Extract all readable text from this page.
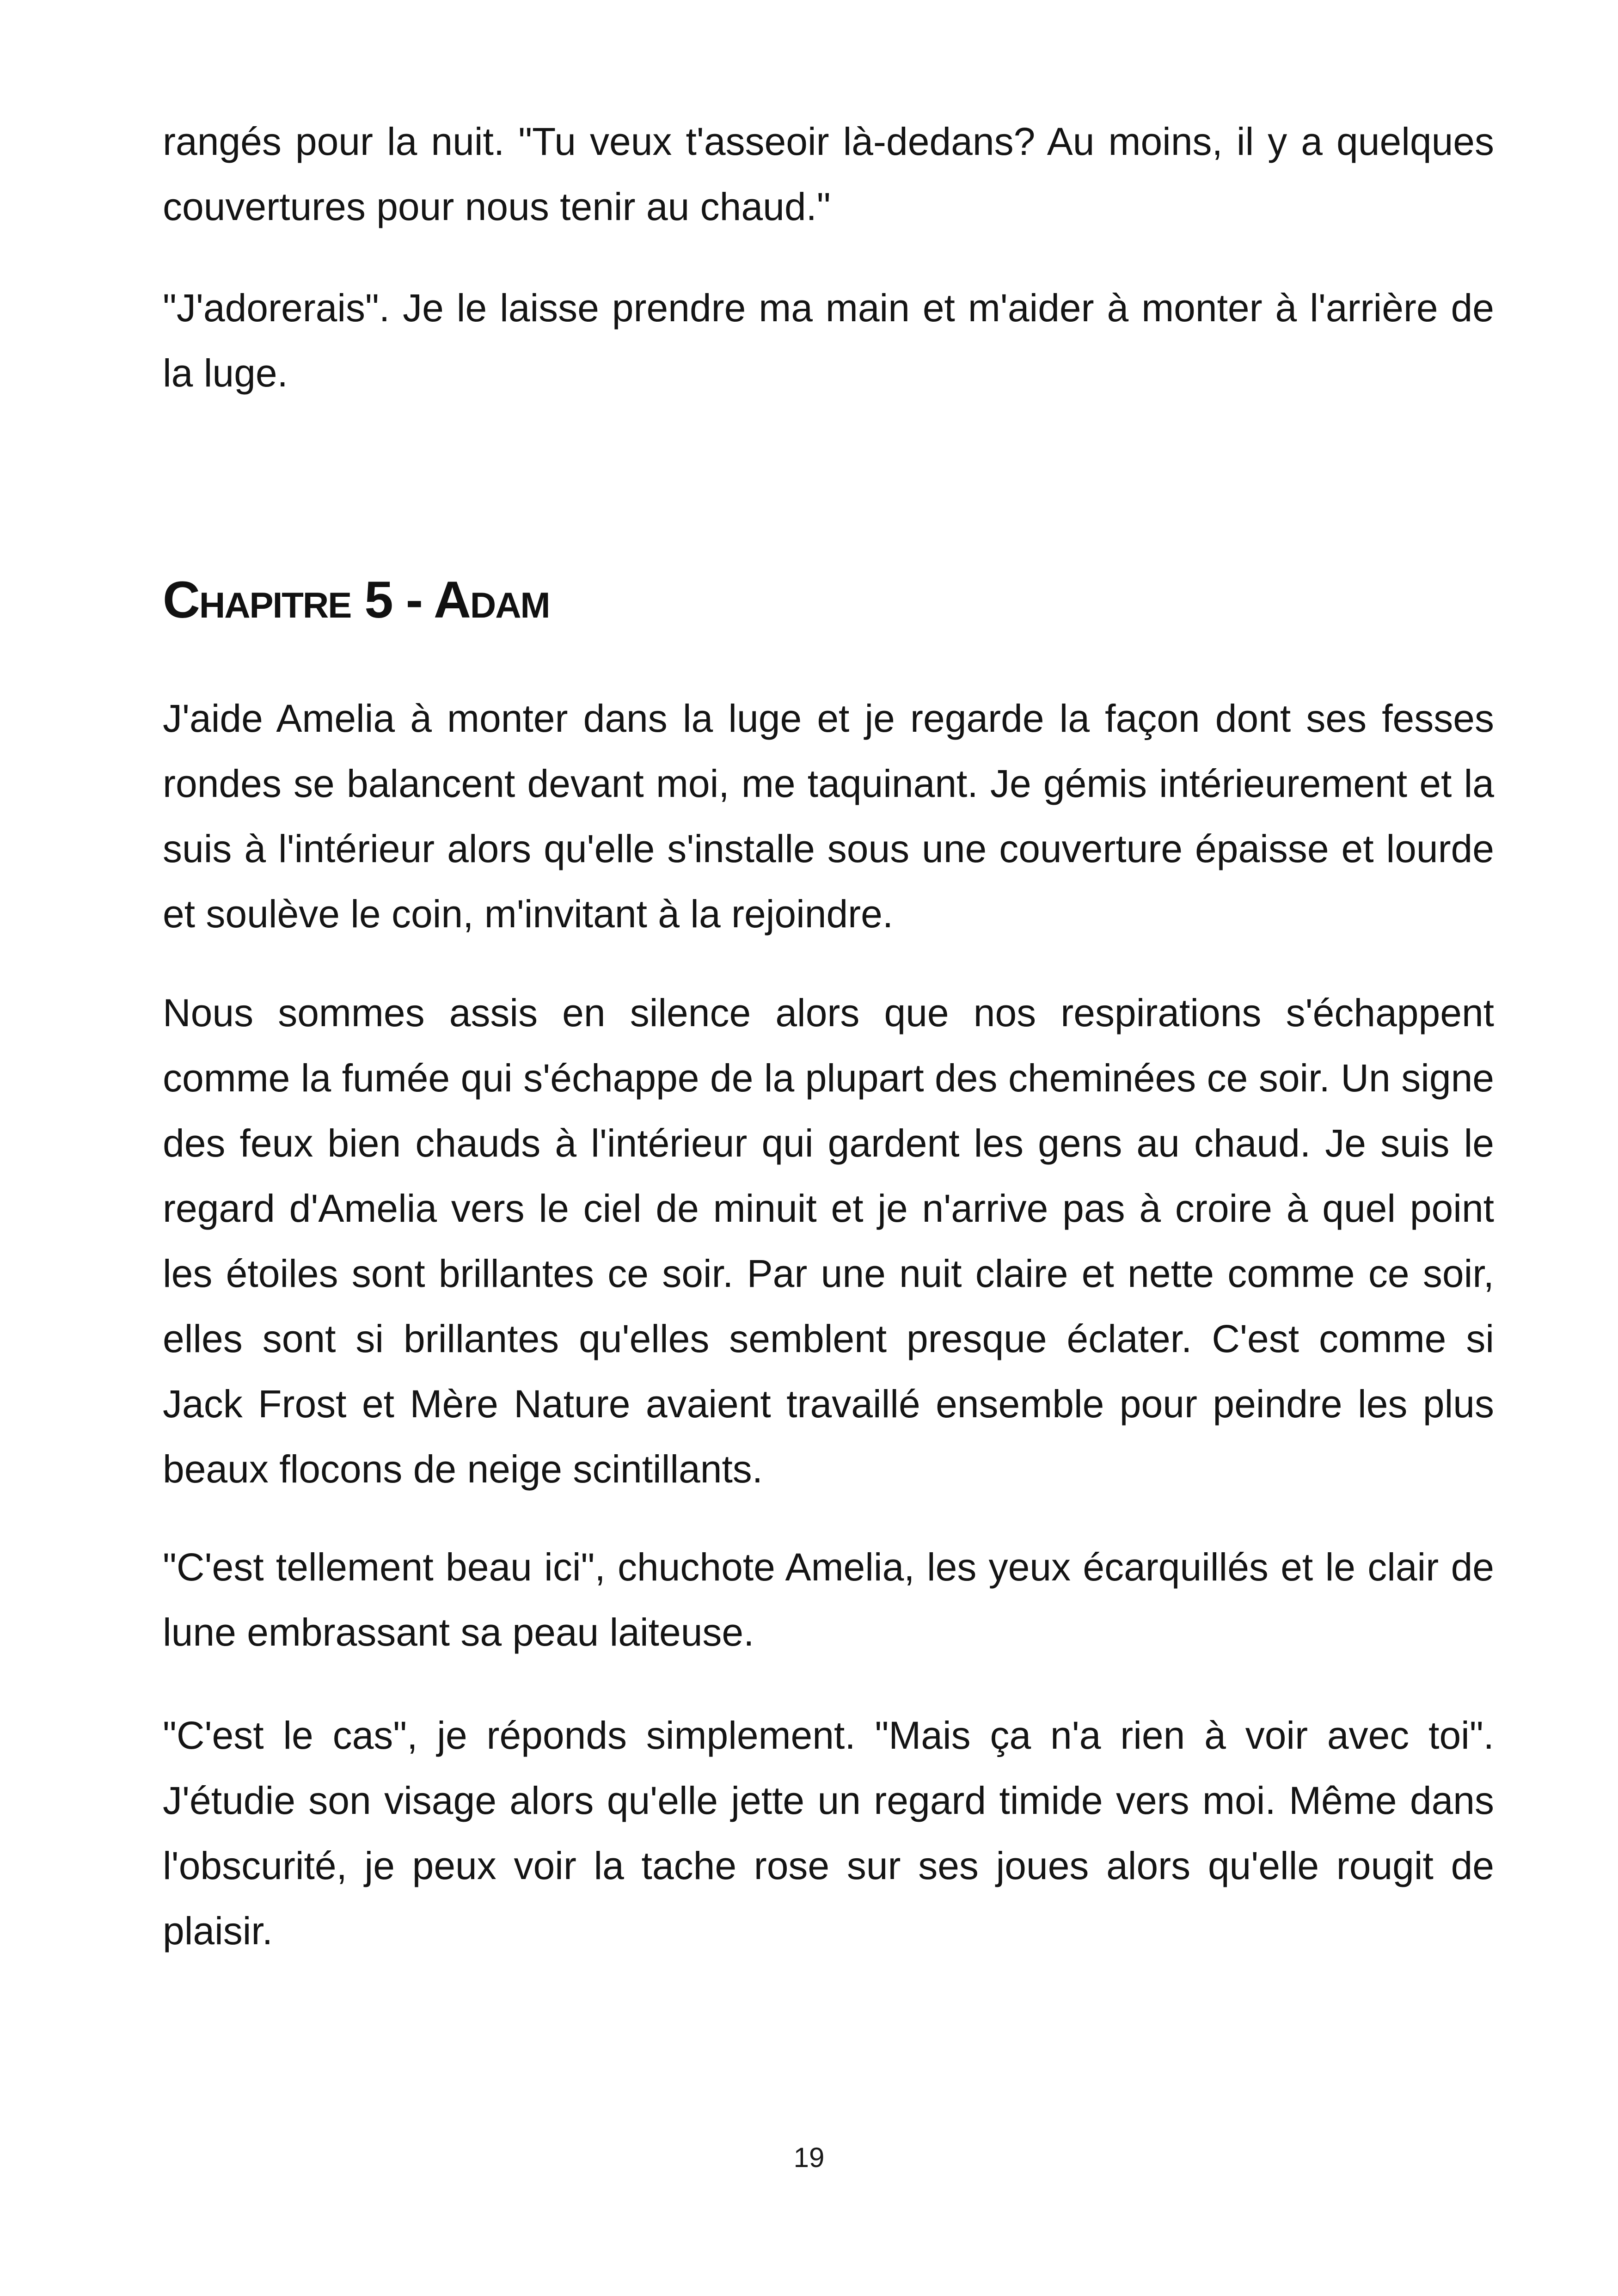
rangés pour la nuit. "Tu veux t'asseoir là-dedans? Au moins, il y a quelques couvertures pour nous tenir au chaud."

"J'adorerais". Je le laisse prendre ma main et m'aider à monter à l'arrière de la luge.

Chapitre 5 - Adam

J'aide Amelia à monter dans la luge et je regarde la façon dont ses fesses rondes se balancent devant moi, me taquinant. Je gémis intérieurement et la suis à l'intérieur alors qu'elle s'installe sous une couverture épaisse et lourde et soulève le coin, m'invitant à la rejoindre.

Nous sommes assis en silence alors que nos respirations s'échappent comme la fumée qui s'échappe de la plupart des cheminées ce soir. Un signe des feux bien chauds à l'intérieur qui gardent les gens au chaud. Je suis le regard d'Amelia vers le ciel de minuit et je n'arrive pas à croire à quel point les étoiles sont brillantes ce soir. Par une nuit claire et nette comme ce soir, elles sont si brillantes qu'elles semblent presque éclater. C'est comme si Jack Frost et Mère Nature avaient travaillé ensemble pour peindre les plus beaux flocons de neige scintillants.

"C'est tellement beau ici", chuchote Amelia, les yeux écarquillés et le clair de lune embrassant sa peau laiteuse.

"C'est le cas", je réponds simplement. "Mais ça n'a rien à voir avec toi". J'étudie son visage alors qu'elle jette un regard timide vers moi. Même dans l'obscurité, je peux voir la tache rose sur ses joues alors qu'elle rougit de plaisir.

19
